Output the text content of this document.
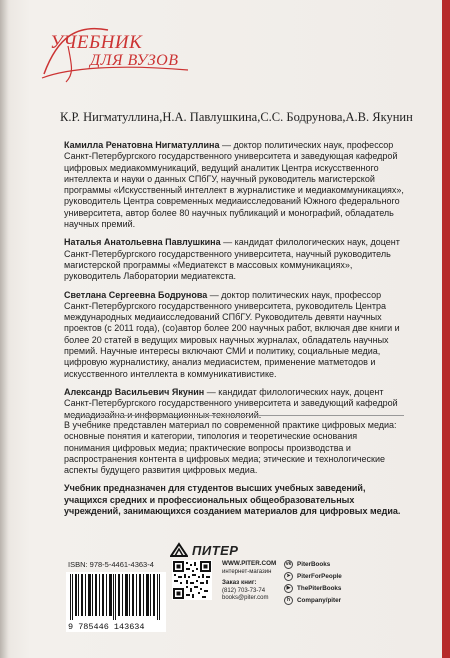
УЧЕБНИК
ДЛЯ ВУЗОВ
К.Р. Нигматуллина, Н.А. Павлушкина, С.С. Бодрунова, А.В. Якунин

Камилла Ренатовна Нигматуллина — доктор политических наук, профессор Санкт-Петербургского государственного университета и заведующая кафедрой цифровых медиакоммуникаций, ведущий аналитик Центра искусственного интеллекта и науки о данных СПбГУ, научный руководитель магистерской программы «Искусственный интеллект в журналистике и медиакоммуникациях», руководитель Центра современных медиаисследований Южного федерального университета, автор более 80 научных публикаций и монографий, обладатель научных премий.

Наталья Анатольевна Павлушкина — кандидат филологических наук, доцент Санкт-Петербургского государственного университета, научный руководитель магистерской программы «Медиатекст в массовых коммуникациях», руководитель Лаборатории медиатекста.

Светлана Сергеевна Бодрунова — доктор политических наук, профессор Санкт-Петербургского государственного университета, руководитель Центра международных медиаисследований СПбГУ. Руководитель девяти научных проектов (с 2011 года), (со)автор более 200 научных работ, включая две книги и более 20 статей в ведущих мировых научных журналах, обладатель научных премий. Научные интересы включают СМИ и политику, социальные медиа, цифровую журналистику, анализ медиасистем, применение матметодов и искусственного интеллекта в коммуникативистике.

Александр Васильевич Якунин — кандидат филологических наук, доцент Санкт-Петербургского государственного университета и заведующий кафедрой

В учебнике представлен материал по современной практике цифровых медиа: основные понятия и категории, типология и теоретические основания понимания цифровых медиа; практические вопросы производства и распространения контента в цифровых медиа; этические и технологические аспекты будущего развития цифровых медиа.

Учебник предназначен для студентов высших учебных заведений, учащихся средних и профессиональных общеобразовательных учреждений, занимающихся созданием материалов для цифровых медиа.

ISBN: 978-5-4461-4363-4
9 785446 143634
ПИТЕР
WWW.PITER.COM
интернет-магазин
Заказ книг:
(812) 703-73-74
books@piter.com
vk PiterBooks
➤	PiterForPeople
▶	ThePiterBooks
h	Company/piter
